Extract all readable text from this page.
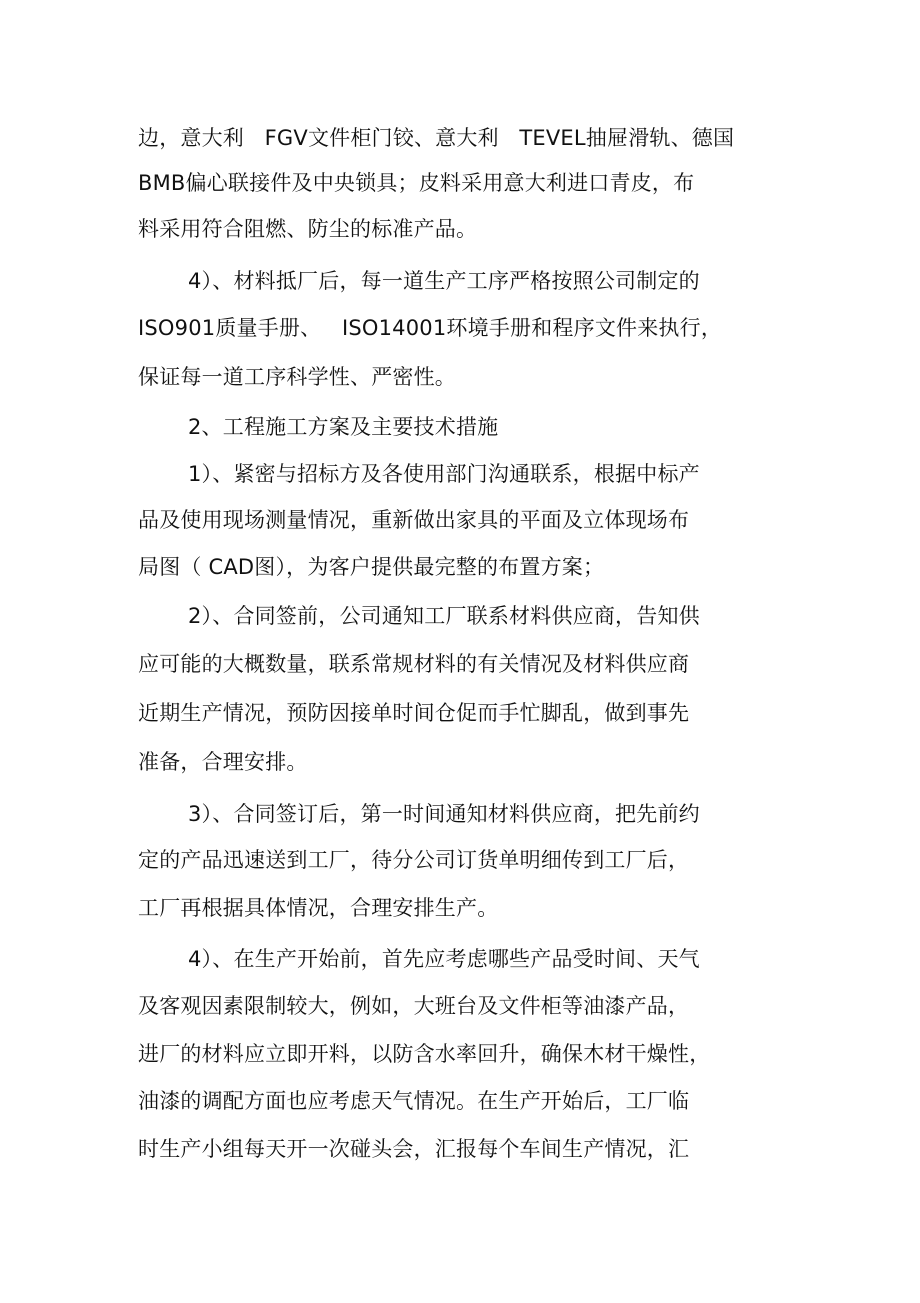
边，意大利   FGV文件柜门铰、意大利   TEVEL抽屉滑轨、德国
BMB偏心联接件及中央锁具；皮料采用意大利进口青皮，布
料采用符合阻燃、防尘的标准产品。
4）、材料抵厂后，每一道生产工序严格按照公司制定的
ISO901质量手册、   ISO14001环境手册和程序文件来执行，
保证每一道工序科学性、严密性。
2、工程施工方案及主要技术措施
1）、紧密与招标方及各使用部门沟通联系，根据中标产
品及使用现场测量情况，重新做出家具的平面及立体现场布
局图（ CAD图），为客户提供最完整的布置方案；
2）、合同签前，公司通知工厂联系材料供应商，告知供
应可能的大概数量，联系常规材料的有关情况及材料供应商
近期生产情况，预防因接单时间仓促而手忙脚乱，做到事先
准备，合理安排。
3）、合同签订后，第一时间通知材料供应商，把先前约
定的产品迅速送到工厂，待分公司订货单明细传到工厂后，
工厂再根据具体情况，合理安排生产。
4）、在生产开始前，首先应考虑哪些产品受时间、天气
及客观因素限制较大，例如，大班台及文件柜等油漆产品，
进厂的材料应立即开料，以防含水率回升，确保木材干燥性，
油漆的调配方面也应考虑天气情况。在生产开始后，工厂临
时生产小组每天开一次碰头会，汇报每个车间生产情况，汇
